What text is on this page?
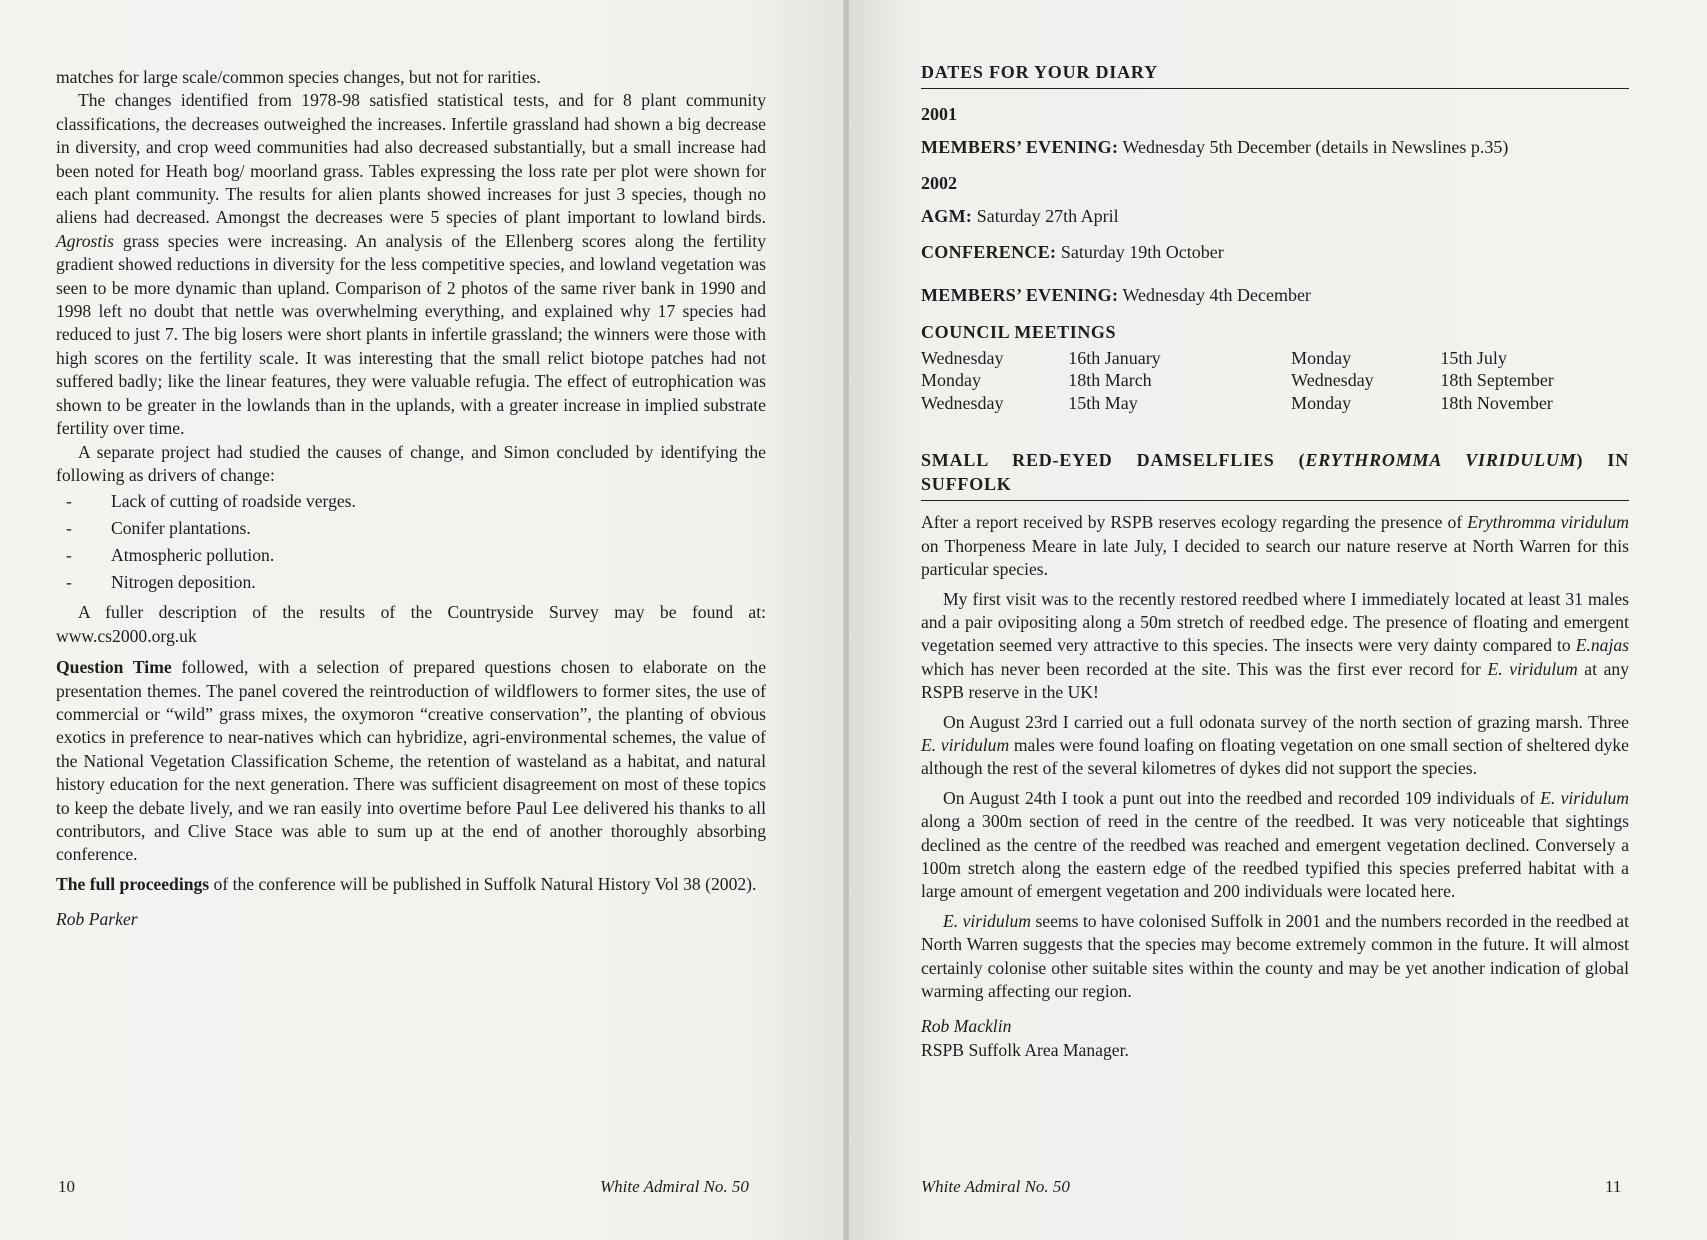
matches for large scale/common species changes, but not for rarities.

The changes identified from 1978-98 satisfied statistical tests, and for 8 plant community classifications, the decreases outweighed the increases. Infertile grassland had shown a big decrease in diversity, and crop weed communities had also decreased substantially, but a small increase had been noted for Heath bog/ moorland grass. Tables expressing the loss rate per plot were shown for each plant community. The results for alien plants showed increases for just 3 species, though no aliens had decreased. Amongst the decreases were 5 species of plant important to lowland birds. Agrostis grass species were increasing. An analysis of the Ellenberg scores along the fertility gradient showed reductions in diversity for the less competitive species, and lowland vegetation was seen to be more dynamic than upland. Comparison of 2 photos of the same river bank in 1990 and 1998 left no doubt that nettle was overwhelming everything, and explained why 17 species had reduced to just 7. The big losers were short plants in infertile grassland; the winners were those with high scores on the fertility scale. It was interesting that the small relict biotope patches had not suffered badly; like the linear features, they were valuable refugia. The effect of eutrophication was shown to be greater in the lowlands than in the uplands, with a greater increase in implied substrate fertility over time.

A separate project had studied the causes of change, and Simon concluded by identifying the following as drivers of change:

-	Lack of cutting of roadside verges.
-	Conifer plantations.
-	Atmospheric pollution.
-	Nitrogen deposition.

A fuller description of the results of the Countryside Survey may be found at: www.cs2000.org.uk

Question Time followed, with a selection of prepared questions chosen to elaborate on the presentation themes. The panel covered the reintroduction of wildflowers to former sites, the use of commercial or “wild” grass mixes, the oxymoron “creative conservation”, the planting of obvious exotics in preference to near-natives which can hybridize, agri-environmental schemes, the value of the National Vegetation Classification Scheme, the retention of wasteland as a habitat, and natural history education for the next generation. There was sufficient disagreement on most of these topics to keep the debate lively, and we ran easily into overtime before Paul Lee delivered his thanks to all contributors, and Clive Stace was able to sum up at the end of another thoroughly absorbing conference.

The full proceedings of the conference will be published in Suffolk Natural History Vol 38 (2002).

Rob Parker

10	White Admiral No. 50
DATES FOR YOUR DIARY
2001
MEMBERS’ EVENING: Wednesday 5th December (details in Newslines p.35)
2002
AGM: Saturday 27th April
CONFERENCE: Saturday 19th October
MEMBERS’ EVENING: Wednesday 4th December
COUNCIL MEETINGS
Wednesday	16th January	Monday	15th July
Monday	18th March	Wednesday	18th September
Wednesday	15th May	Monday	18th November
SMALL RED-EYED DAMSELFLIES (ERYTHROMMA VIRIDULUM) IN SUFFOLK

After a report received by RSPB reserves ecology regarding the presence of Erythromma viridulum on Thorpeness Meare in late July, I decided to search our nature reserve at North Warren for this particular species.

My first visit was to the recently restored reedbed where I immediately located at least 31 males and a pair ovipositing along a 50m stretch of reedbed edge. The presence of floating and emergent vegetation seemed very attractive to this species. The insects were very dainty compared to E.najas which has never been recorded at the site. This was the first ever record for E. viridulum at any RSPB reserve in the UK!

On August 23rd I carried out a full odonata survey of the north section of grazing marsh. Three E. viridulum males were found loafing on floating vegetation on one small section of sheltered dyke although the rest of the several kilometres of dykes did not support the species.

On August 24th I took a punt out into the reedbed and recorded 109 individuals of E. viridulum along a 300m section of reed in the centre of the reedbed. It was very noticeable that sightings declined as the centre of the reedbed was reached and emergent vegetation declined. Conversely a 100m stretch along the eastern edge of the reedbed typified this species preferred habitat with a large amount of emergent vegetation and 200 individuals were located here.

E. viridulum seems to have colonised Suffolk in 2001 and the numbers recorded in the reedbed at North Warren suggests that the species may become extremely common in the future. It will almost certainly colonise other suitable sites within the county and may be yet another indication of global warming affecting our region.

Rob Macklin
RSPB Suffolk Area Manager.

White Admiral No. 50	11
